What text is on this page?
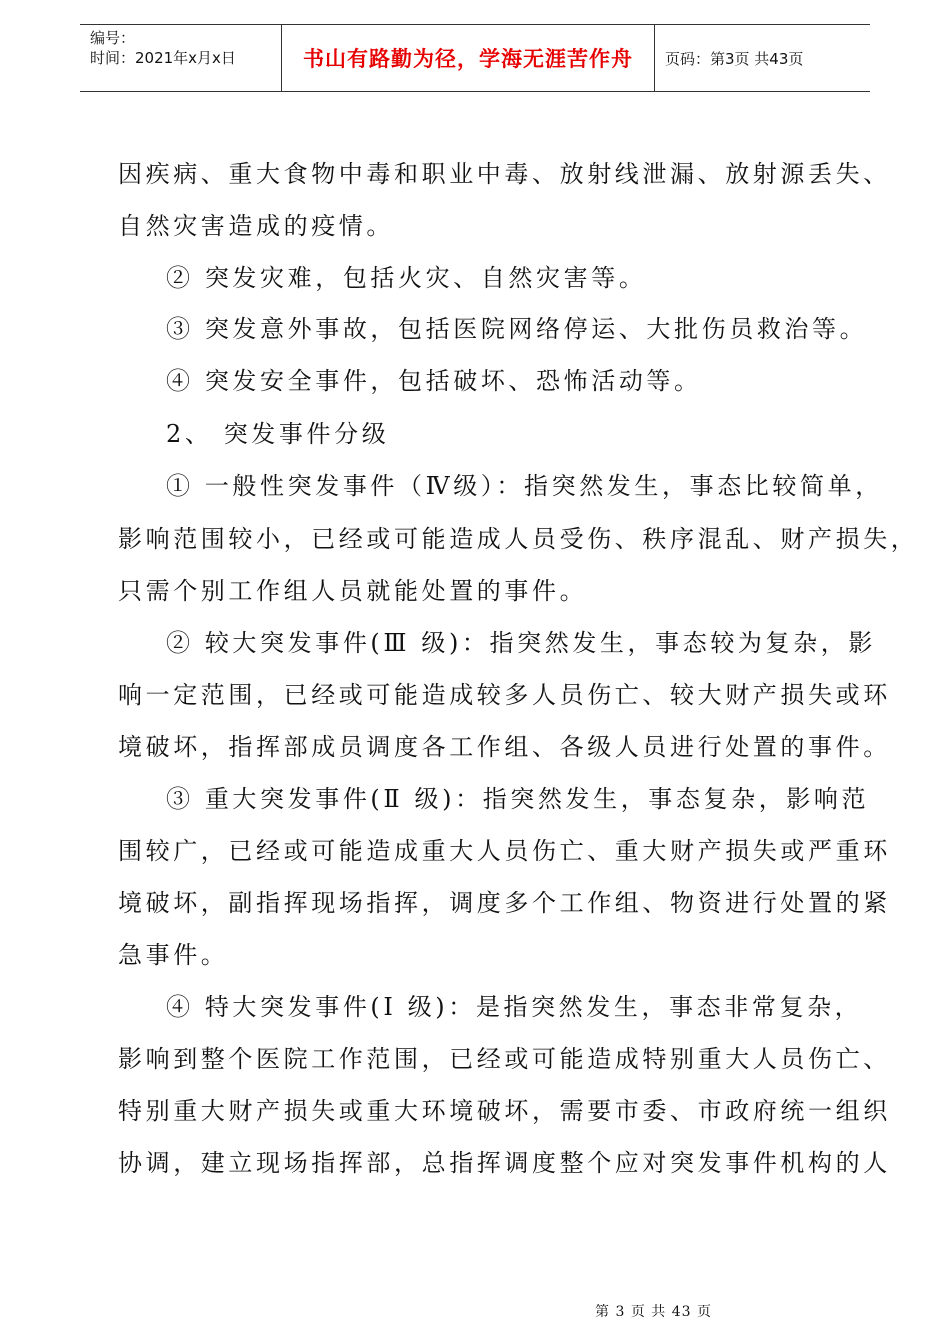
编号：
时间：2021年x月x日	书山有路勤为径，学海无涯苦作舟	页码：第3页 共43页
因疾病、重大食物中毒和职业中毒、放射线泄漏、放射源丢失、
自然灾害造成的疫情。
② 突发灾难，包括火灾、自然灾害等。
③ 突发意外事故，包括医院网络停运、大批伤员救治等。
④ 突发安全事件，包括破坏、恐怖活动等。
2、 突发事件分级
① 一般性突发事件（Ⅳ级）：指突然发生，事态比较简单，
影响范围较小，已经或可能造成人员受伤、秩序混乱、财产损失，
只需个别工作组人员就能处置的事件。
② 较大突发事件(Ⅲ 级)：指突然发生，事态较为复杂，影
响一定范围，已经或可能造成较多人员伤亡、较大财产损失或环
境破坏，指挥部成员调度各工作组、各级人员进行处置的事件。
③ 重大突发事件(Ⅱ 级)：指突然发生，事态复杂，影响范
围较广，已经或可能造成重大人员伤亡、重大财产损失或严重环
境破坏，副指挥现场指挥，调度多个工作组、物资进行处置的紧
急事件。
④ 特大突发事件(Ⅰ 级)：是指突然发生，事态非常复杂，
影响到整个医院工作范围，已经或可能造成特别重大人员伤亡、
特别重大财产损失或重大环境破坏，需要市委、市政府统一组织
协调，建立现场指挥部，总指挥调度整个应对突发事件机构的人
第 3 页 共 43 页
